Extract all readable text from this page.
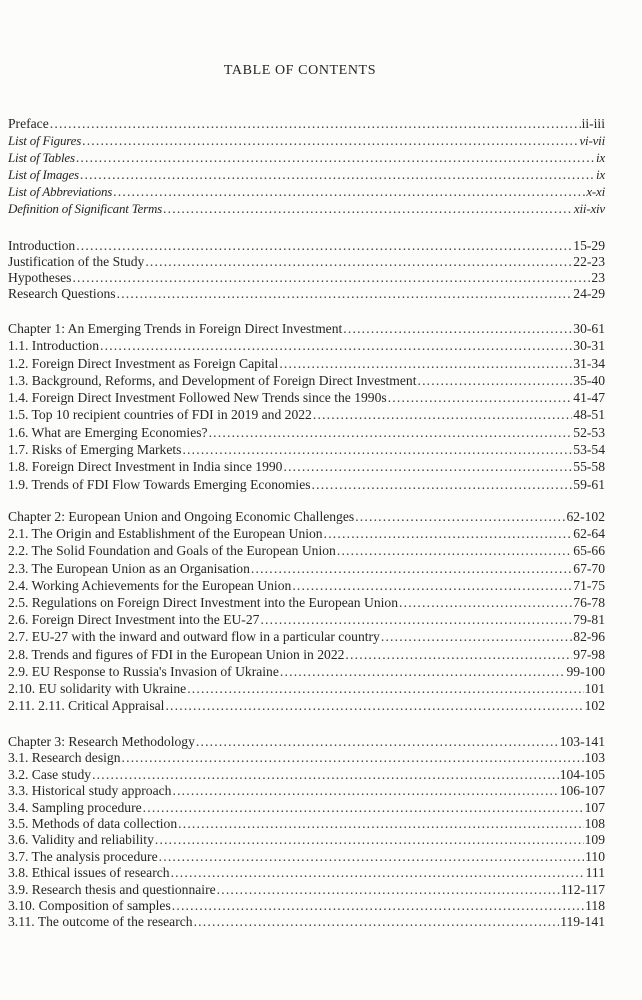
TABLE OF CONTENTS
Preface .....	ii-iii
List of Figures .....	vi-vii
List of Tables .....	ix
List of Images .....	ix
List of Abbreviations .....	x-xi
Definition of Significant Terms .....	xii-xiv
Introduction .....	15-29
Justification of the Study .....	22-23
Hypotheses .....	23
Research Questions .....	24-29
Chapter 1: An Emerging Trends in Foreign Direct Investment .....	30-61
1.1. Introduction .....	30-31
1.2. Foreign Direct Investment as Foreign Capital .....	31-34
1.3. Background, Reforms, and Development of Foreign Direct Investment .....	35-40
1.4. Foreign Direct Investment Followed New Trends since the 1990s .....	41-47
1.5. Top 10 recipient countries of FDI in 2019 and 2022 .....	48-51
1.6. What are Emerging Economies? .....	52-53
1.7. Risks of Emerging Markets .....	53-54
1.8. Foreign Direct Investment in India since 1990 .....	55-58
1.9. Trends of FDI Flow Towards Emerging Economies .....	59-61
Chapter 2: European Union and Ongoing Economic Challenges .....	62-102
2.1. The Origin and Establishment of the European Union .....	62-64
2.2. The Solid Foundation and Goals of the European Union .....	65-66
2.3. The European Union as an Organisation .....	67-70
2.4. Working Achievements for the European Union .....	71-75
2.5. Regulations on Foreign Direct Investment into the European Union .....	76-78
2.6. Foreign Direct Investment into the EU-27 .....	79-81
2.7. EU-27 with the inward and outward flow in a particular country .....	82-96
2.8. Trends and figures of FDI in the European Union in 2022 .....	97-98
2.9. EU Response to Russia's Invasion of Ukraine .....	99-100
2.10. EU solidarity with Ukraine .....	101
2.11. 2.11. Critical Appraisal .....	102
Chapter 3: Research Methodology .....	103-141
3.1. Research design .....	103
3.2. Case study .....	104-105
3.3. Historical study approach .....	106-107
3.4. Sampling procedure .....	107
3.5. Methods of data collection .....	108
3.6. Validity and reliability .....	109
3.7. The analysis procedure .....	110
3.8. Ethical issues of research .....	111
3.9. Research thesis and questionnaire .....	112-117
3.10. Composition of samples .....	118
3.11. The outcome of the research .....	119-141
